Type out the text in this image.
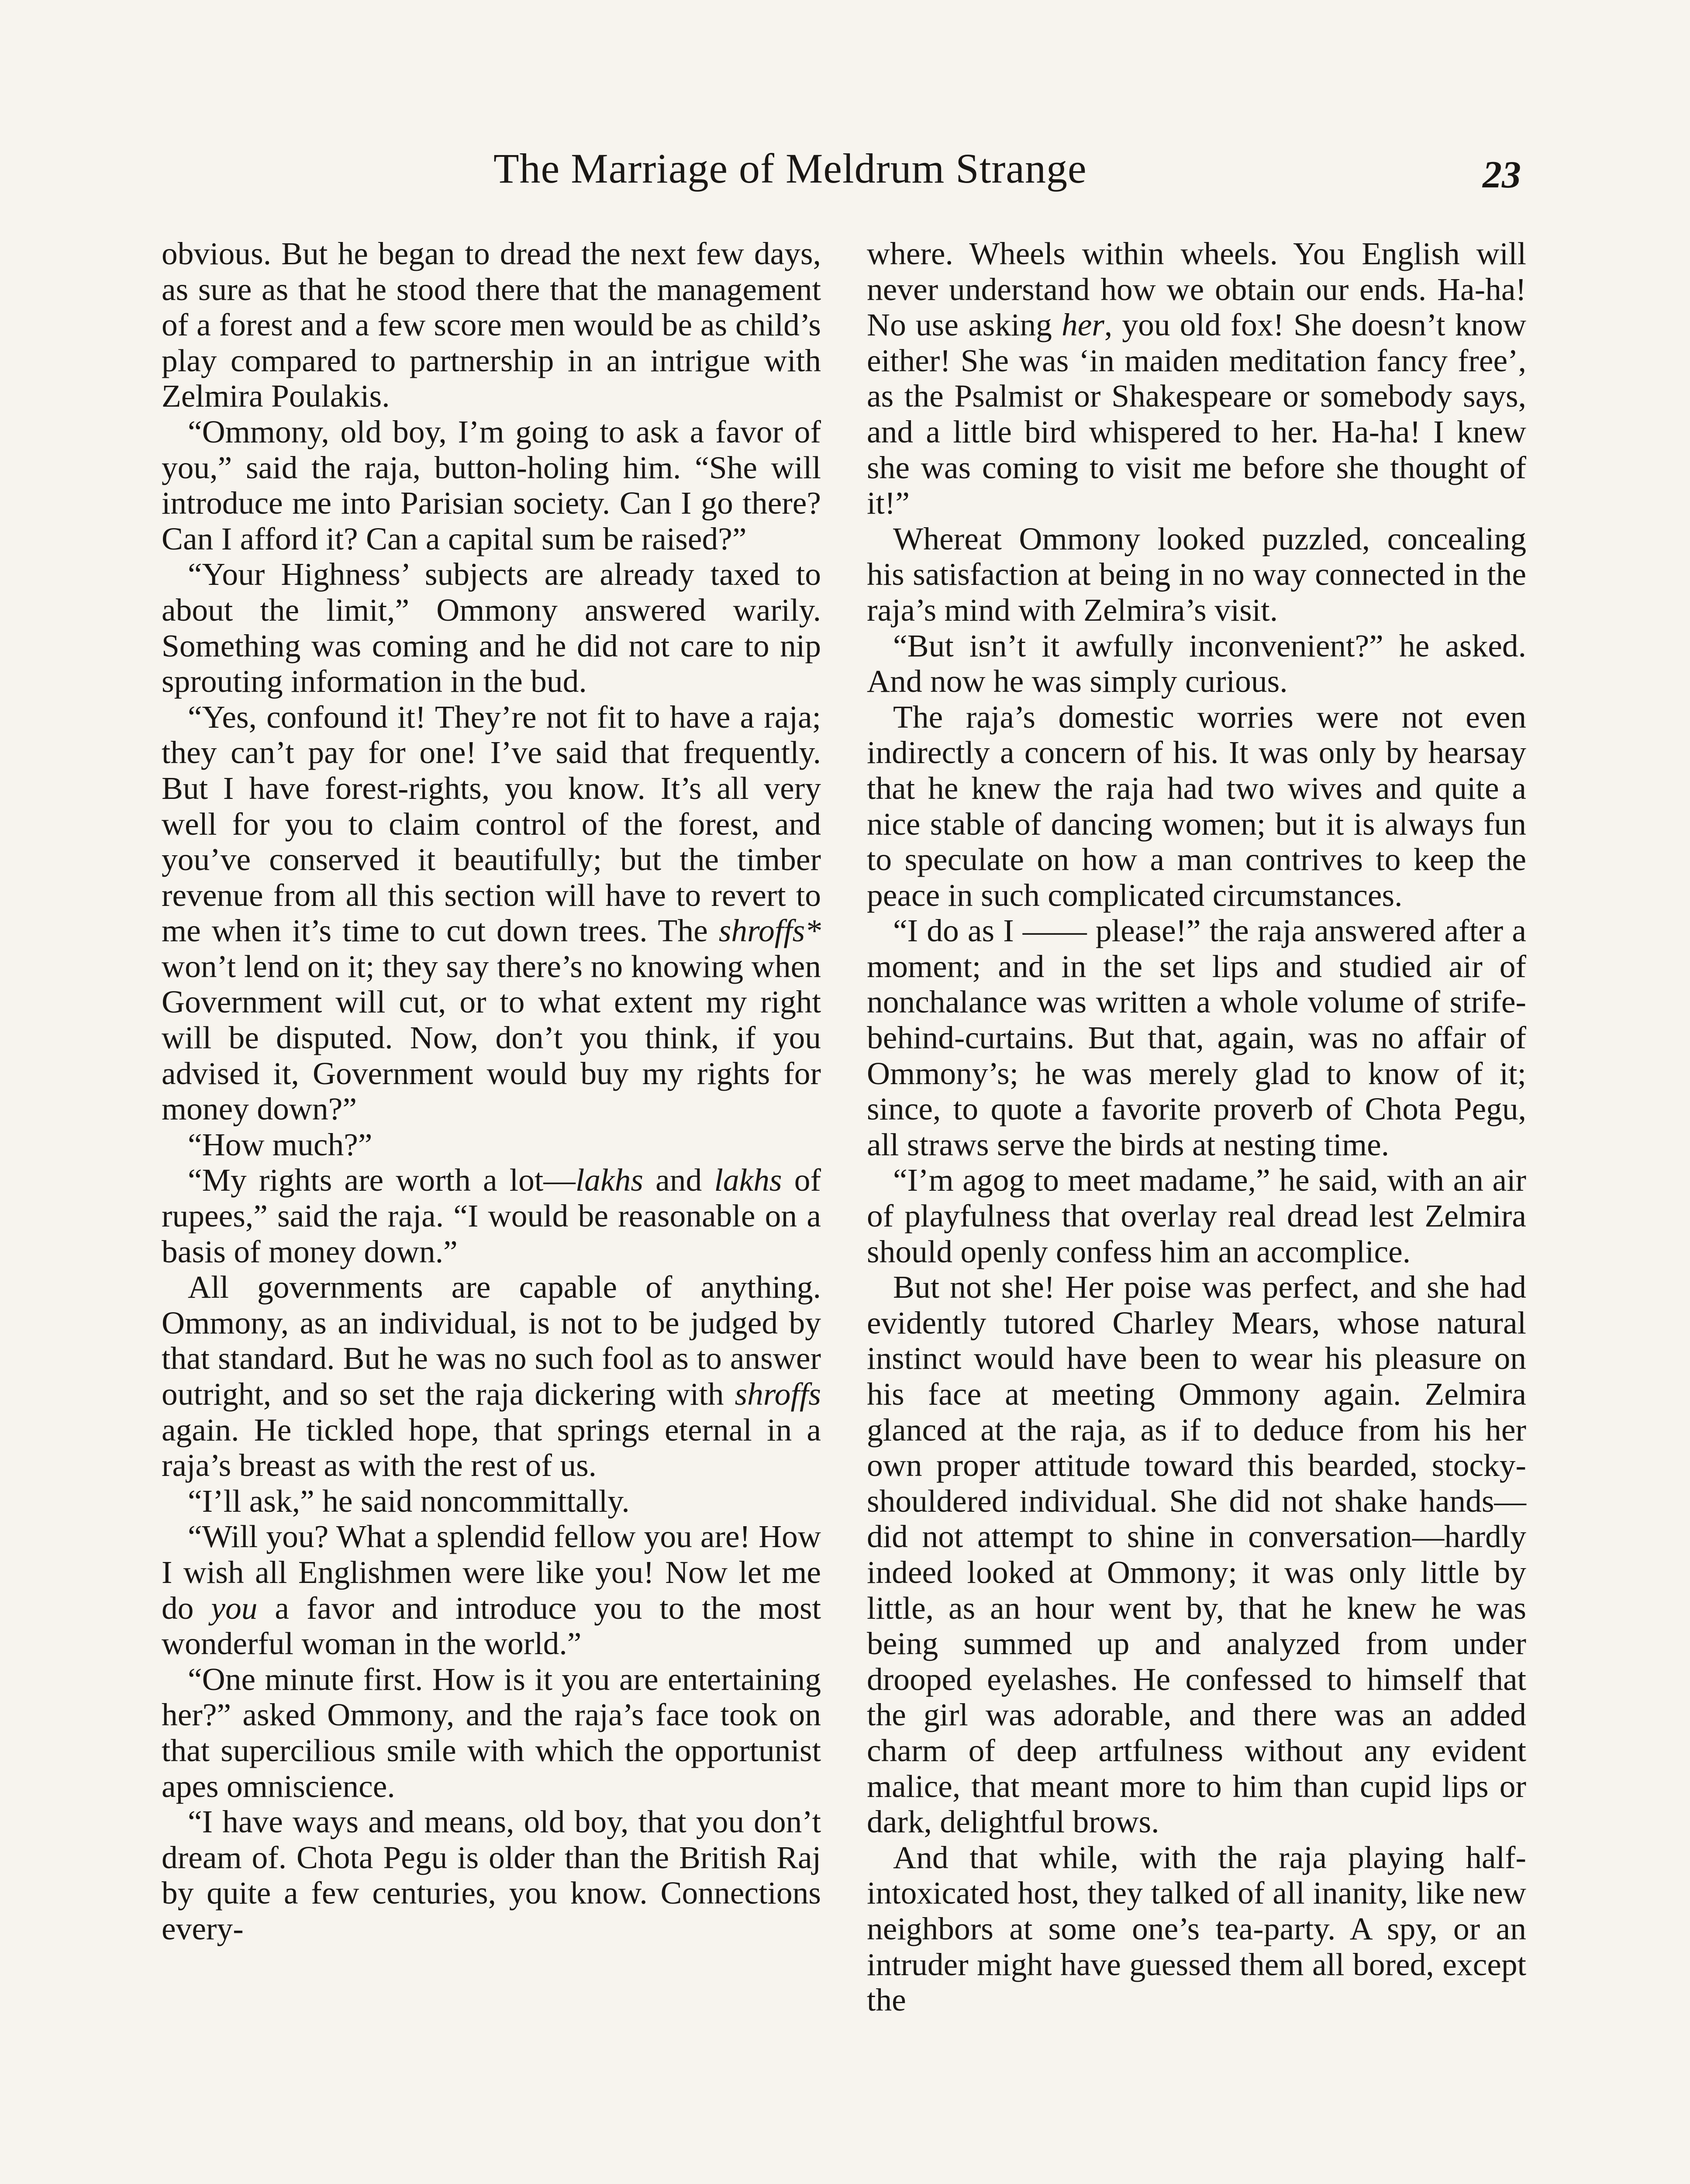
The Marriage of Meldrum Strange	23

obvious. But he began to dread the next few days, as sure as that he stood there that the management of a forest and a few score men would be as child’s play compared to partnership in an intrigue with Zelmira Poulakis.

“Ommony, old boy, I’m going to ask a favor of you,” said the raja, button-holing him. “She will introduce me into Parisian society. Can I go there? Can I afford it? Can a capital sum be raised?”

“Your Highness’ subjects are already taxed to about the limit,” Ommony answered warily. Something was coming and he did not care to nip sprouting information in the bud.

“Yes, confound it! They’re not fit to have a raja; they can’t pay for one! I’ve said that frequently. But I have forest-rights, you know. It’s all very well for you to claim control of the forest, and you’ve conserved it beautifully; but the timber revenue from all this section will have to revert to me when it’s time to cut down trees. The shroffs* won’t lend on it; they say there’s no knowing when Government will cut, or to what extent my right will be disputed. Now, don’t you think, if you advised it, Government would buy my rights for money down?”

“How much?”

“My rights are worth a lot—lakhs and lakhs of rupees,” said the raja. “I would be reasonable on a basis of money down.”

All governments are capable of anything. Ommony, as an individual, is not to be judged by that standard. But he was no such fool as to answer outright, and so set the raja dickering with shroffs again. He tickled hope, that springs eternal in a raja’s breast as with the rest of us.

“I’ll ask,” he said noncommittally.

“Will you? What a splendid fellow you are! How I wish all Englishmen were like you! Now let me do you a favor and introduce you to the most wonderful woman in the world.”

“One minute first. How is it you are entertaining her?” asked Ommony, and the raja’s face took on that supercilious smile with which the opportunist apes omniscience.

“I have ways and means, old boy, that you don’t dream of. Chota Pegu is older than the British Raj by quite a few centuries, you know. Connections every-

where. Wheels within wheels. You English will never understand how we obtain our ends. Ha-ha! No use asking her, you old fox! She doesn’t know either! She was ‘in maiden meditation fancy free’, as the Psalmist or Shakespeare or somebody says, and a little bird whispered to her. Ha-ha! I knew she was coming to visit me before she thought of it!”

Whereat Ommony looked puzzled, concealing his satisfaction at being in no way connected in the raja’s mind with Zelmira’s visit.

“But isn’t it awfully inconvenient?” he asked. And now he was simply curious.

The raja’s domestic worries were not even indirectly a concern of his. It was only by hearsay that he knew the raja had two wives and quite a nice stable of dancing women; but it is always fun to speculate on how a man contrives to keep the peace in such complicated circumstances.

“I do as I —— please!” the raja answered after a moment; and in the set lips and studied air of nonchalance was written a whole volume of strife-behind-curtains. But that, again, was no affair of Ommony’s; he was merely glad to know of it; since, to quote a favorite proverb of Chota Pegu, all straws serve the birds at nesting time.

“I’m agog to meet madame,” he said, with an air of playfulness that overlay real dread lest Zelmira should openly confess him an accomplice.

But not she! Her poise was perfect, and she had evidently tutored Charley Mears, whose natural instinct would have been to wear his pleasure on his face at meeting Ommony again. Zelmira glanced at the raja, as if to deduce from his her own proper attitude toward this bearded, stocky-shouldered individual. She did not shake hands—did not attempt to shine in conversation—hardly indeed looked at Ommony; it was only little by little, as an hour went by, that he knew he was being summed up and analyzed from under drooped eyelashes. He confessed to himself that the girl was adorable, and there was an added charm of deep artfulness without any evident malice, that meant more to him than cupid lips or dark, delightful brows.

And that while, with the raja playing half-intoxicated host, they talked of all inanity, like new neighbors at some one’s tea-party. A spy, or an intruder might have guessed them all bored, except the
